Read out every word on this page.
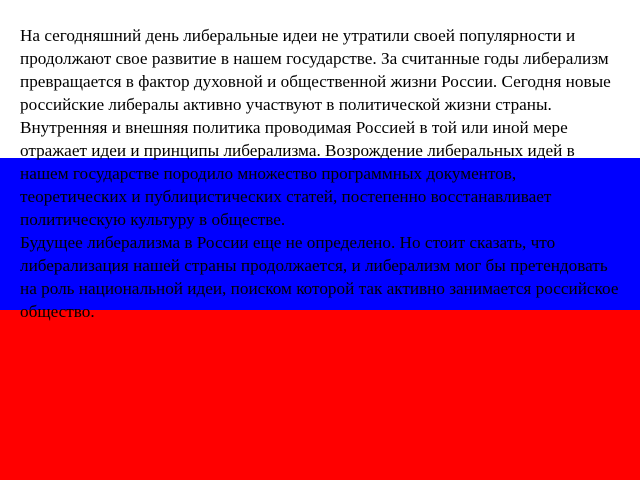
На сегодняшний день либеральные идеи не утратили своей популярности и продолжают свое развитие в нашем государстве. За считанные годы либерализм превращается в фактор духовной и общественной жизни России. Сегодня новые российские либералы активно участвуют в политической жизни страны. Внутренняя и внешняя политика проводимая Россией в той или иной мере отражает идеи и принципы либерализма. Возрождение либеральных идей в нашем государстве породило множество программных документов, теоретических и публицистических статей, постепенно восстанавливает политическую культуру в обществе.

Будущее либерализма в России еще не определено. Но стоит сказать, что либерализация нашей страны продолжается, и либерализм мог бы претендовать на роль национальной идеи, поиском которой так активно занимается российское общество.
